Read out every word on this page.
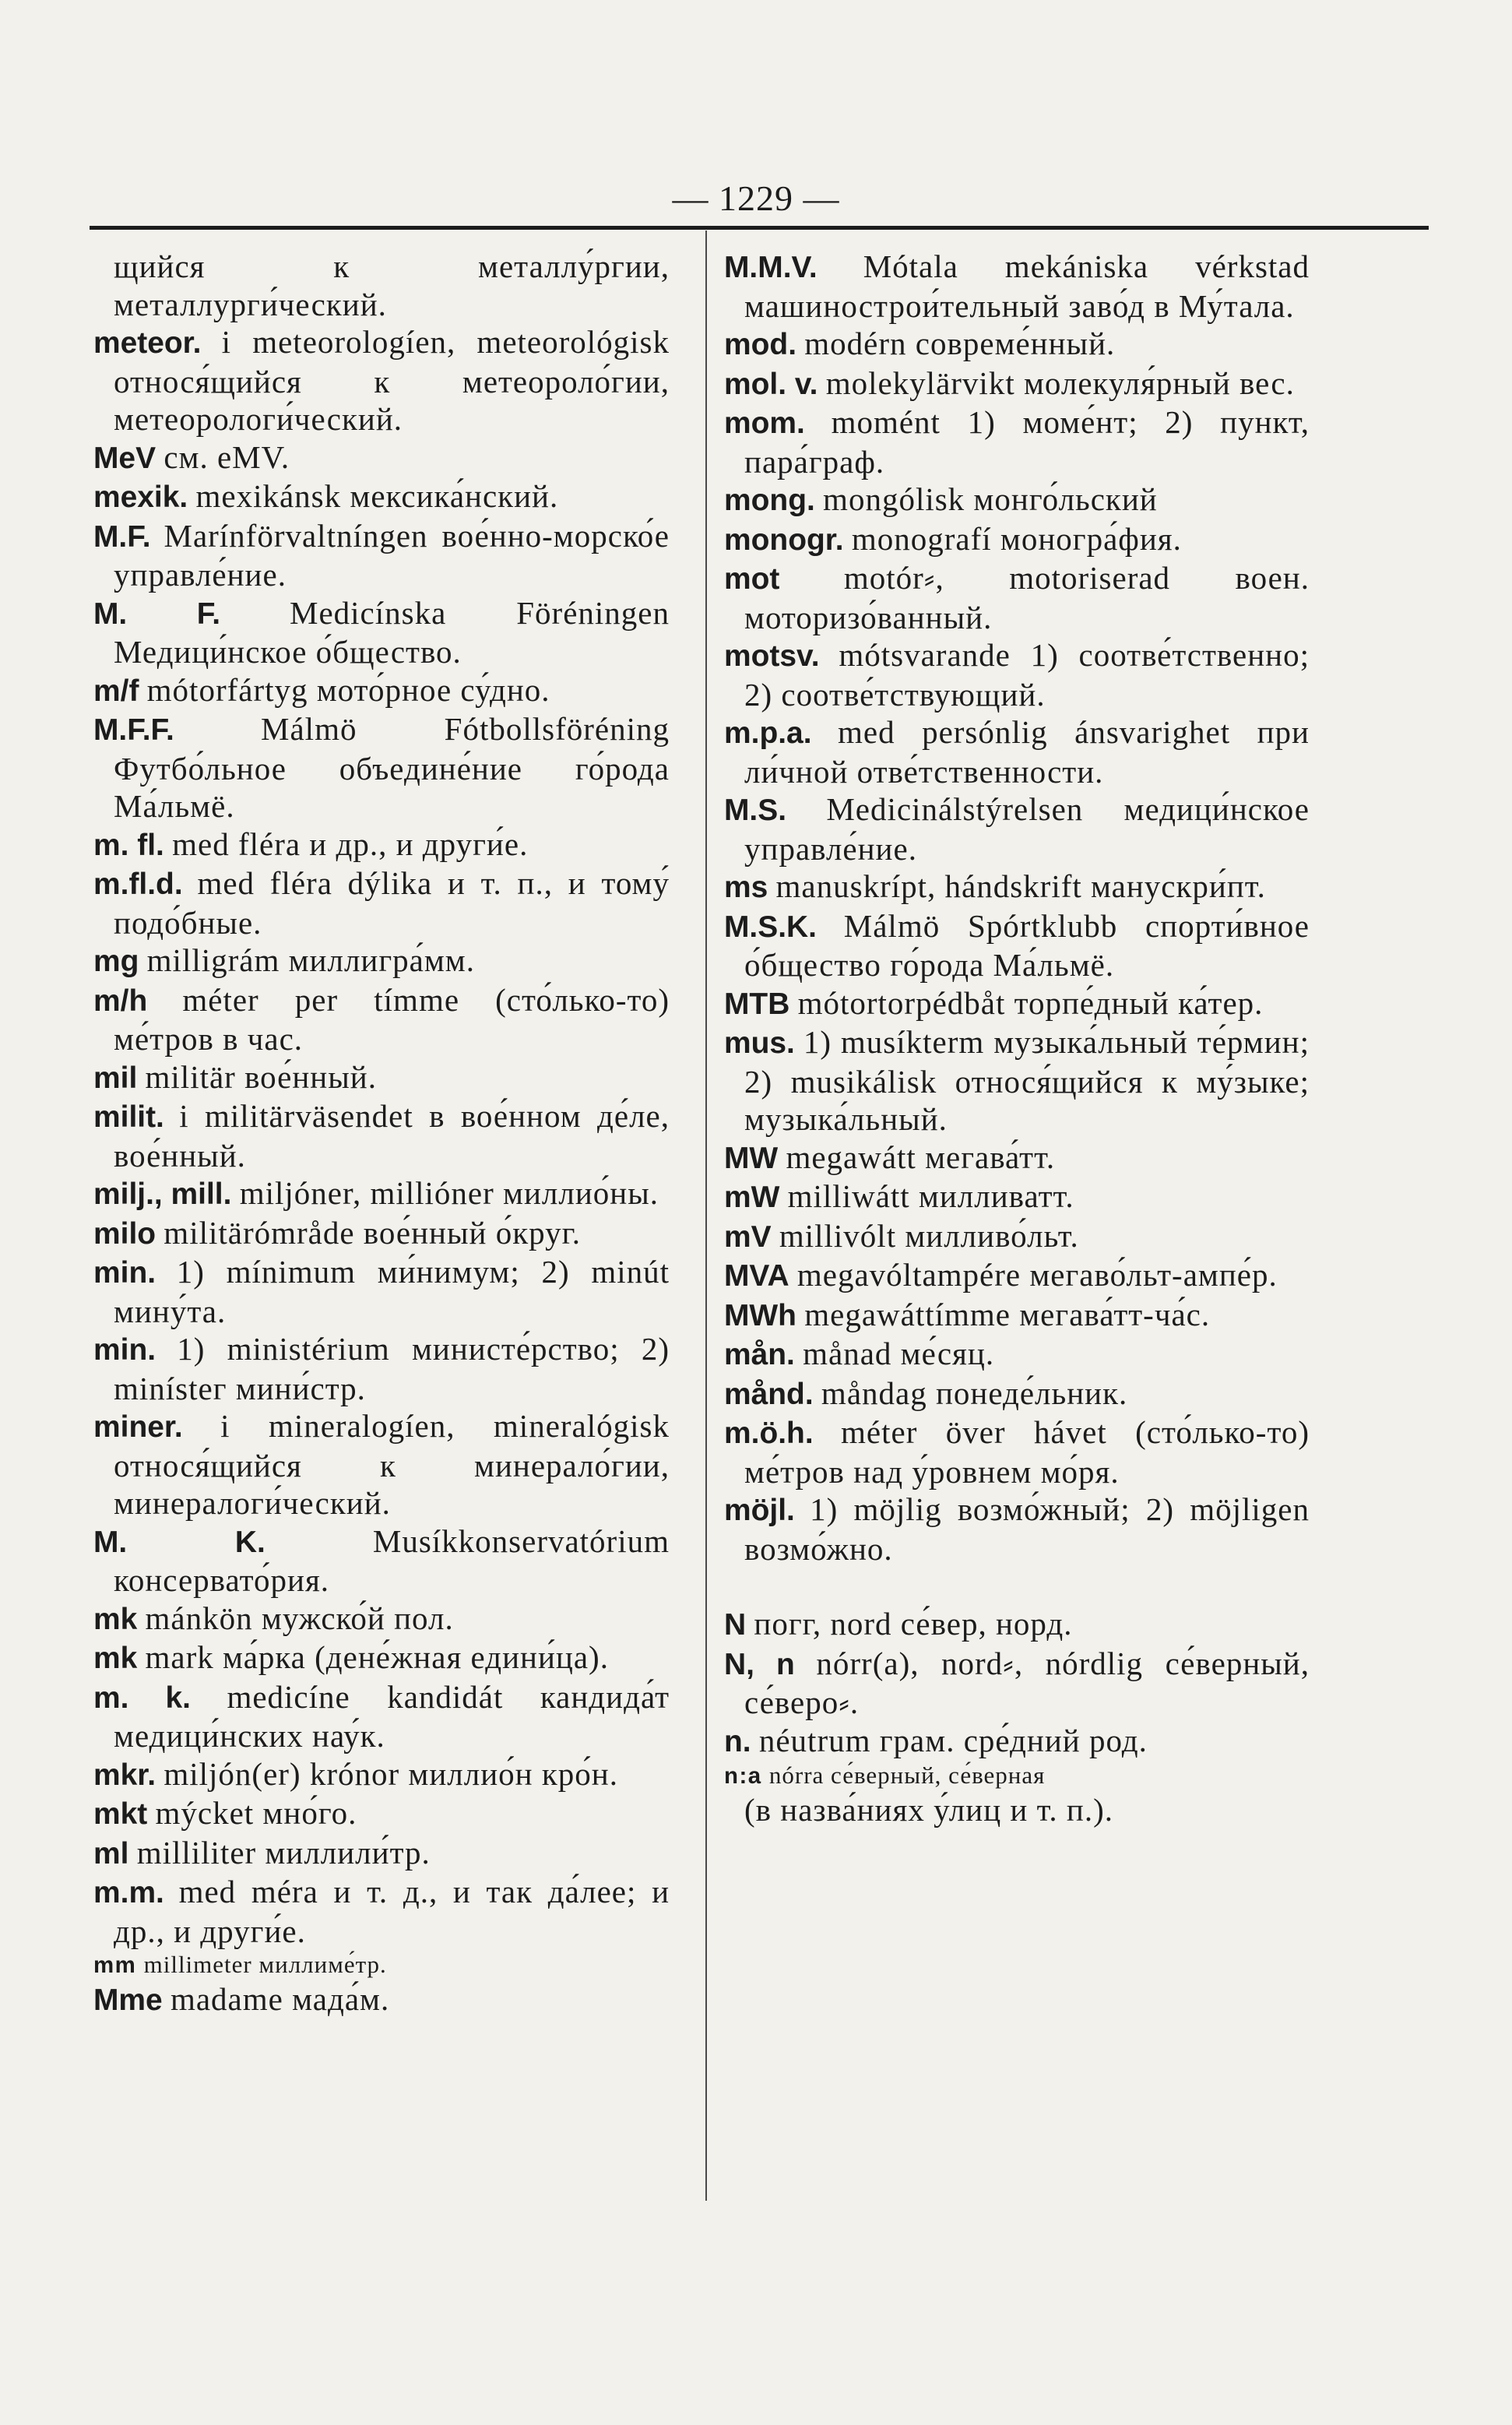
— 1229 —

щийся к металлу́ргии, металлурги́ческий.

meteor. i meteorologíen, meteorológisk относя́щийся к метеороло́гии, метеорологи́ческий.

MeV см. eMV.

mexik. mexikánsk мексика́нский.

M.F. Marínförvaltníngen вое́нно-морско́е управле́ние.

M. F. Medicínska Föréningen Медици́нское о́бщество.

m/f mótorfártyg мото́рное су́дно.

M.F.F.	Málmö Fótbollsföréning Футбо́льное объедине́ние го́рода Ма́льмё.

m. fl. med fléra и др., и други́е.

m.fl.d. med fléra dýlika и т. п., и тому́ подо́бные.

mg milligrám миллигра́мм.

m/h méter per tímme (сто́лько-то) ме́тров в час.

mil militär вое́нный.

milit. i militärväsendet в вое́нном де́ле, вое́нный.

milj., mill. miljóner, millióner миллио́ны.

milo militärómråde вое́нный о́круг.

min. 1) mínimum ми́нимум; 2) minút мину́та.

min. 1) ministérium министе́рство; 2) minístег мини́стр.

miner. i mineralogíen, mineralógisk относя́щийся к минерало́гии, минералоги́ческий.

M. K.	Musíkkonservatórium консервато́рия.

mk mánkön мужско́й пол.

mk mark ма́рка (дене́жная едини́ца).

m. k. medicíne kandidát кандида́т медици́нских нау́к.

mkr. miljón(er) krónor миллио́н кро́н.

mkt mýcket мно́го.

ml milliliter миллили́тр.

m.m. med méra и т. д., и так да́лее; и др., и други́е.

mm millimeter миллиме́тр.

Mme madame мада́м.

M.M.V. Mótala mekániska vérkstad машинострои́тельный заво́д в Му́тала.

mod. modérn совреме́нный.

mol. v. molekylärvikt молекуля́рный вес.

mom. momént 1) моме́нт; 2) пункт, пара́граф.

mong. mongólisk монго́льский

monogr. monografí моногра́фия.

mot motór⸗, motoriserad воен. моторизо́ванный.

motsv. mótsvarande 1) соотве́тственно; 2) соотве́тствующий.

m.p.a. med persónlig ánsvarighet при ли́чной отве́тственности.

M.S. Medicinálstýrelsen медици́нское управле́ние.

ms manuskrípt, hándskrift манускри́пт.

M.S.K. Málmö Spórtklubb спорти́вное о́бщество го́рода Ма́льмё.

MTB mótortorpédbåt торпе́дный ка́тер.

mus. 1) musíkterm музыка́льный те́рмин; 2) musikálisk относя́щийся к му́зыке; музыка́льный.

MW megawátt мегава́тт.

mW milliwátt милливатт.

mV millivólt милливо́льт.

MVA megavóltampére мегаво́льт-ампе́р.

MWh megawáttímme мегава́тт-ча́с.

mån. månad ме́сяц.

månd. måndag понеде́льник.

m.ö.h. méter över hávet (сто́лько-то) ме́тров над у́ровнем мо́ря.

möjl. 1) möjlig возмо́жный; 2) möjligen возмо́жно.

N погг, nord се́вер, норд.

N, n nórr(a), nord⸗, nórdlig се́верный, се́веро⸗.

n. néutrum грам. сре́дний род.

n:a nórra се́верный, се́верная

(в назва́ниях у́лиц и т. п.).
